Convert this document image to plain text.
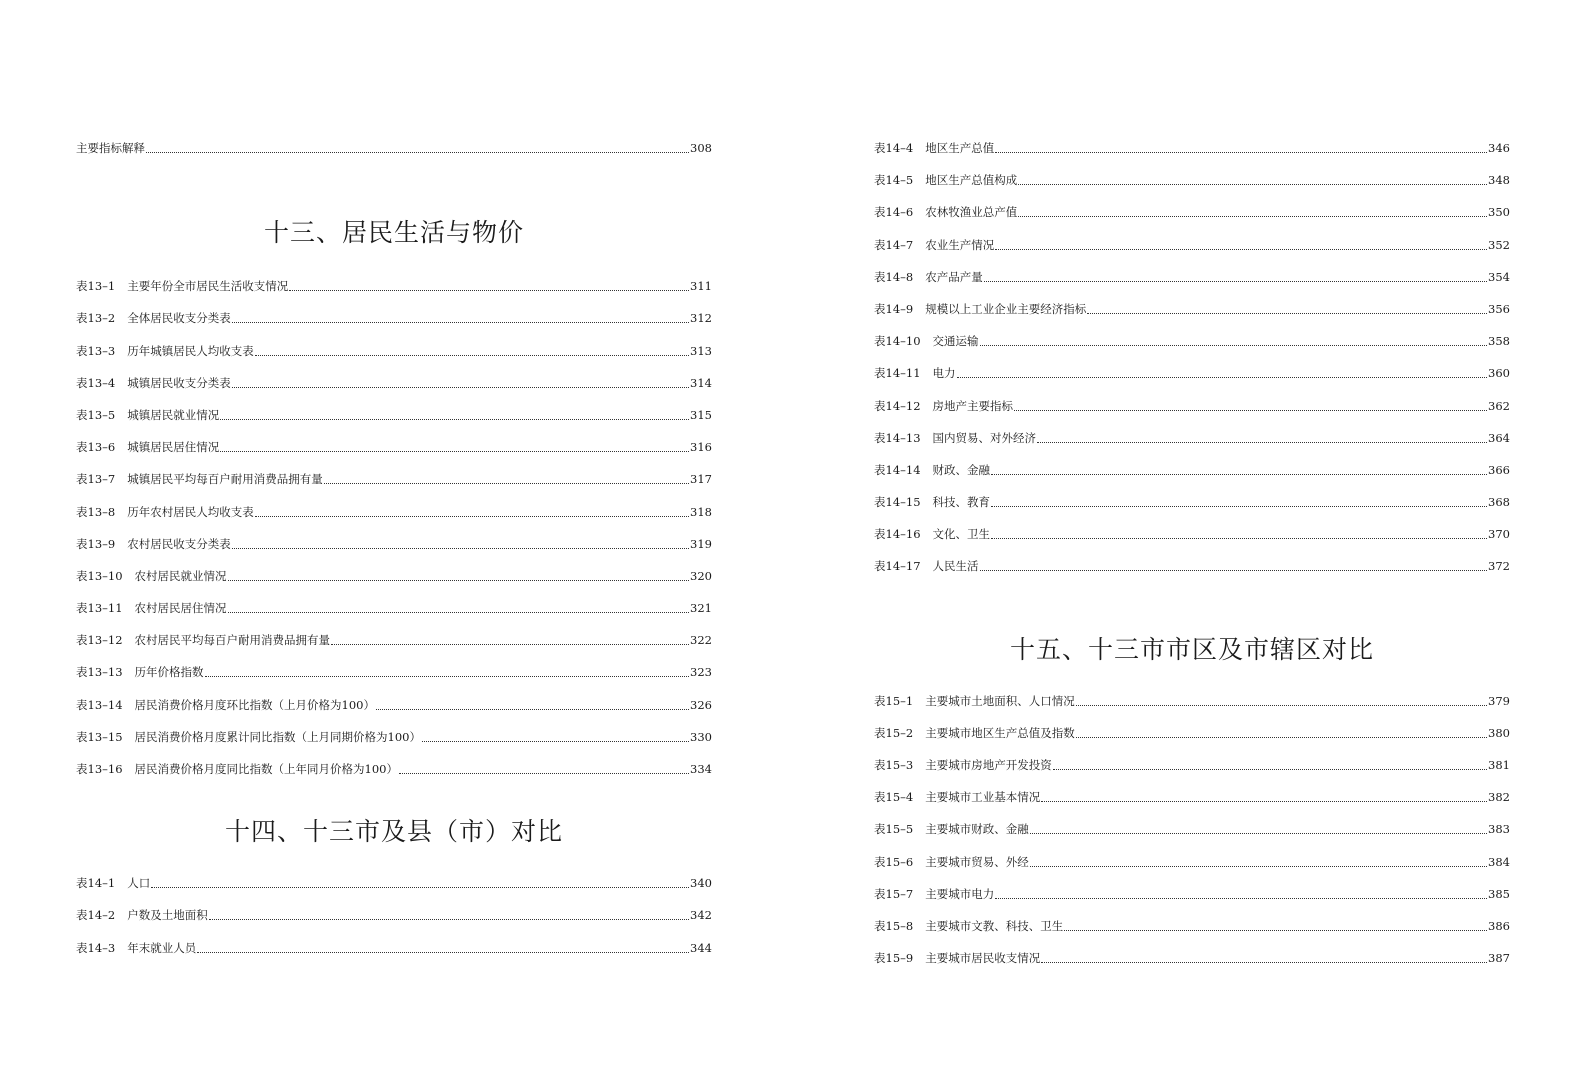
主要指标解释	308
十三、居民生活与物价
表13–1 主要年份全市居民生活收支情况	311
表13–2 全体居民收支分类表	312
表13–3 历年城镇居民人均收支表	313
表13–4 城镇居民收支分类表	314
表13–5 城镇居民就业情况	315
表13–6 城镇居民居住情况	316
表13–7 城镇居民平均每百户耐用消费品拥有量	317
表13–8 历年农村居民人均收支表	318
表13–9 农村居民收支分类表	319
表13–10 农村居民就业情况	320
表13–11 农村居民居住情况	321
表13–12 农村居民平均每百户耐用消费品拥有量	322
表13–13 历年价格指数	323
表13–14 居民消费价格月度环比指数（上月价格为100）	326
表13–15 居民消费价格月度累计同比指数（上月同期价格为100）	330
表13–16 居民消费价格月度同比指数（上年同月价格为100）	334
十四、十三市及县（市）对比
表14–1 人口	340
表14–2 户数及土地面积	342
表14–3 年末就业人员	344
表14–4 地区生产总值	346
表14–5 地区生产总值构成	348
表14–6 农林牧渔业总产值	350
表14–7 农业生产情况	352
表14–8 农产品产量	354
表14–9 规模以上工业企业主要经济指标	356
表14–10 交通运输	358
表14–11 电力	360
表14–12 房地产主要指标	362
表14–13 国内贸易、对外经济	364
表14–14 财政、金融	366
表14–15 科技、教育	368
表14–16 文化、卫生	370
表14–17 人民生活	372
十五、十三市市区及市辖区对比
表15–1 主要城市土地面积、人口情况	379
表15–2 主要城市地区生产总值及指数	380
表15–3 主要城市房地产开发投资	381
表15–4 主要城市工业基本情况	382
表15–5 主要城市财政、金融	383
表15–6 主要城市贸易、外经	384
表15–7 主要城市电力	385
表15–8 主要城市文教、科技、卫生	386
表15–9 主要城市居民收支情况	387
